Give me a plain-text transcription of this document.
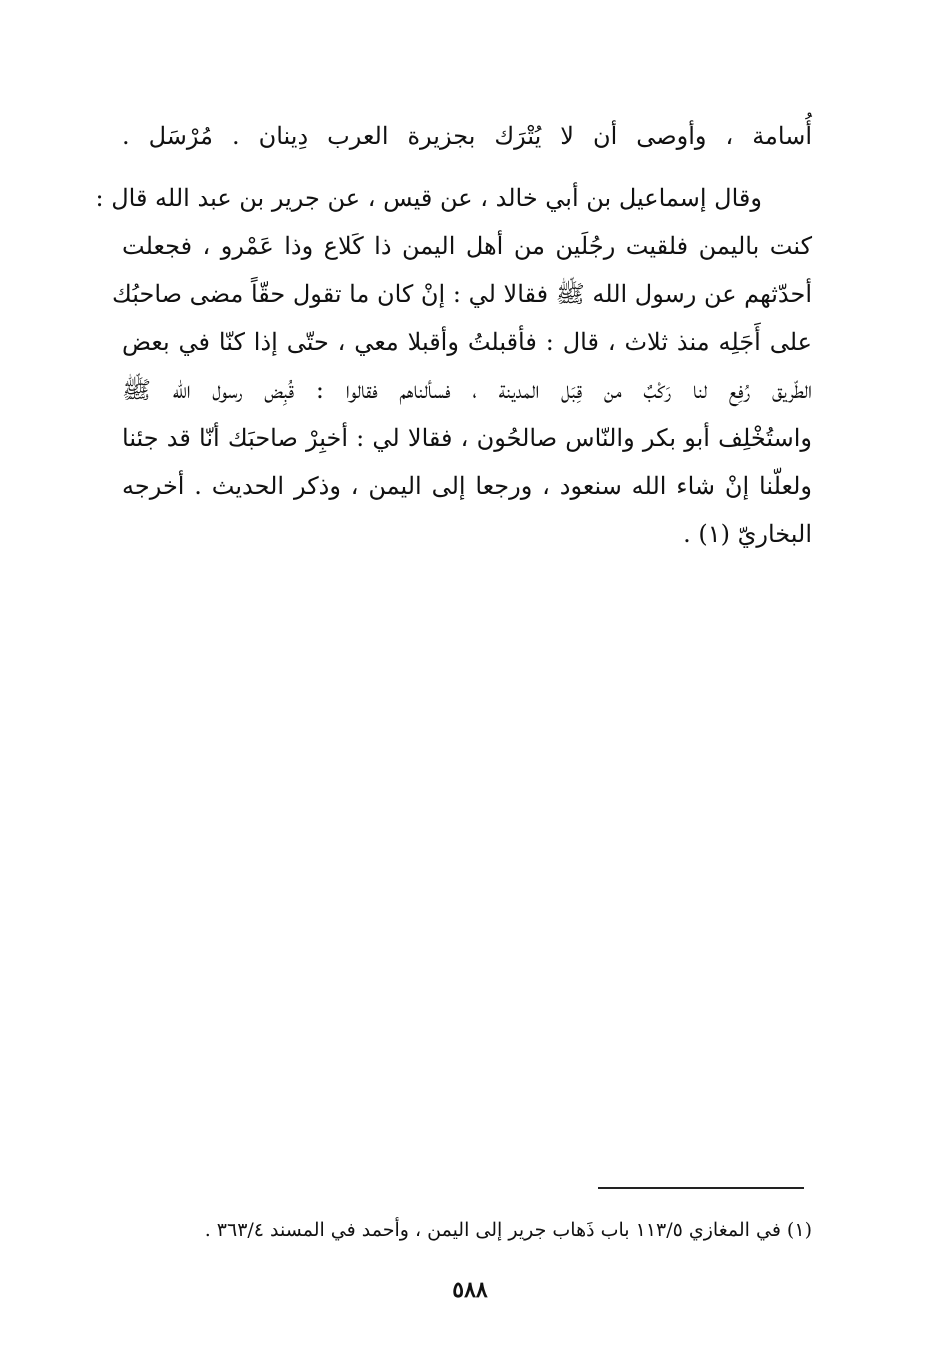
أُسامة ، وأوصى أن لا يُتْرَك بجزيرة العرب دِينان . مُرْسَل .
وقال إسماعيل بن أبي خالد ، عن قيس ، عن جرير بن عبد الله قال :
كنت باليمن فلقيت رجُلَين من أهل اليمن ذا كَلاع وذا عَمْرو ، فجعلت
أحدّثهم عن رسول الله ﷺ فقالا لي : إنْ كان ما تقول حقّاً مضى صاحبُك
على أَجَلِه منذ ثلاث ، قال : فأقبلتُ وأقبلا معي ، حتّى إذا كنّا في بعض
الطّريق رُفِع لنا رَكْبٌ من قِبَل المدينة ، فسألناهم فقالوا : قُبِض رسول الله ﷺ
واستُخْلِف أبو بكر والنّاس صالحُون ، فقالا لي : أخبِرْ صاحبَك أنّا قد جئنا
ولعلّنا إنْ شاء الله سنعود ، ورجعا إلى اليمن ، وذكر الحديث . أخرجه
البخاريّ (١) .
(١) في المغازي ١١٣/٥ باب ذَهاب جرير إلى اليمن ، وأحمد في المسند ٣٦٣/٤ .
٥٨٨
